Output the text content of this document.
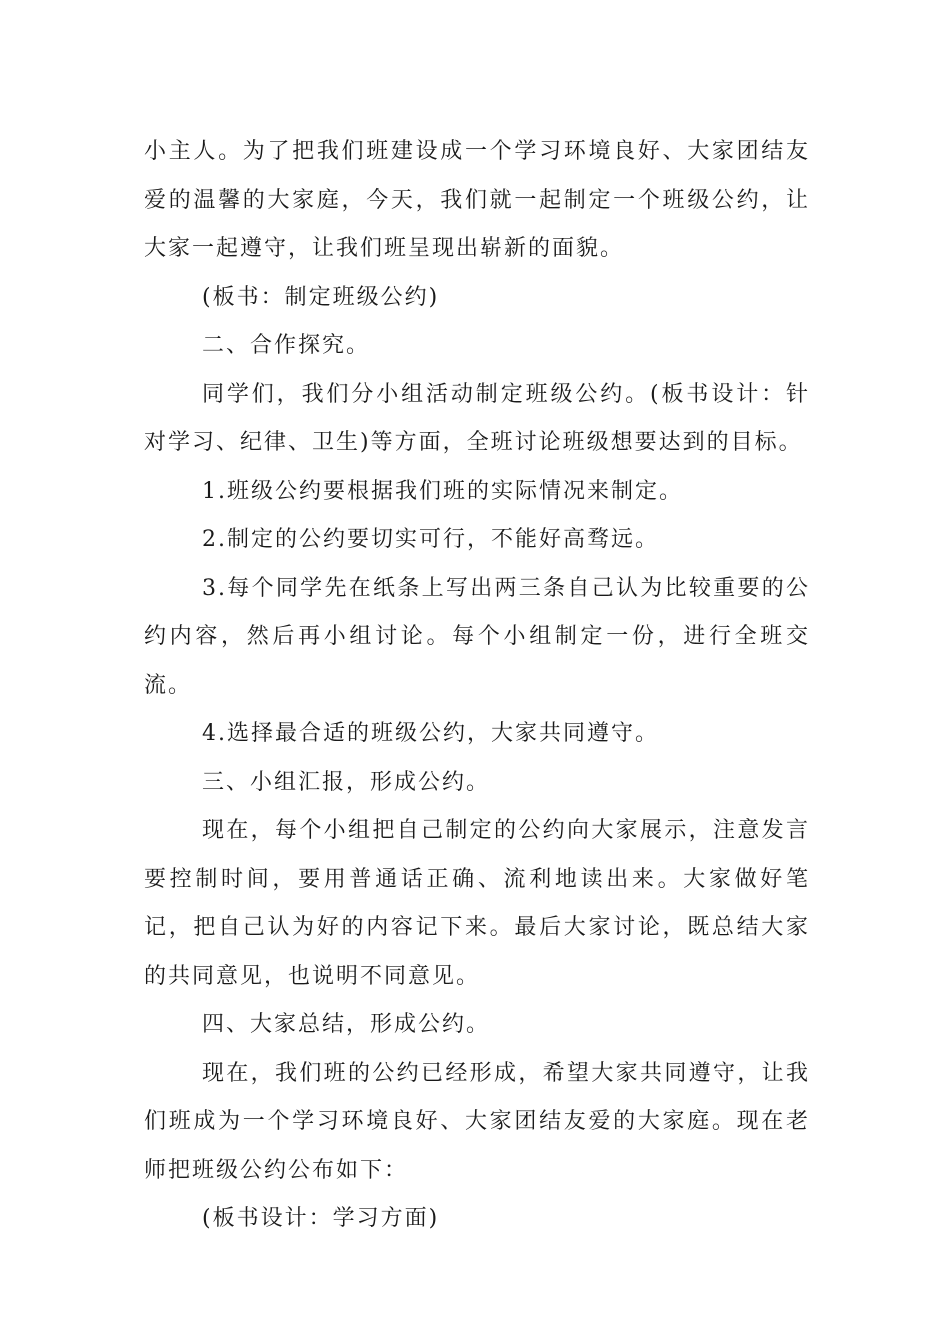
小主人。为了把我们班建设成一个学习环境良好、大家团结友爱的温馨的大家庭，今天，我们就一起制定一个班级公约，让大家一起遵守，让我们班呈现出崭新的面貌。

(板书：制定班级公约)

二、合作探究。

同学们，我们分小组活动制定班级公约。(板书设计：针对学习、纪律、卫生)等方面，全班讨论班级想要达到的目标。

1.班级公约要根据我们班的实际情况来制定。

2.制定的公约要切实可行，不能好高骛远。

3.每个同学先在纸条上写出两三条自己认为比较重要的公约内容，然后再小组讨论。每个小组制定一份，进行全班交流。

4.选择最合适的班级公约，大家共同遵守。

三、小组汇报，形成公约。

现在，每个小组把自己制定的公约向大家展示，注意发言要控制时间，要用普通话正确、流利地读出来。大家做好笔记，把自己认为好的内容记下来。最后大家讨论，既总结大家的共同意见，也说明不同意见。

四、大家总结，形成公约。

现在，我们班的公约已经形成，希望大家共同遵守，让我们班成为一个学习环境良好、大家团结友爱的大家庭。现在老师把班级公约公布如下：

(板书设计：学习方面)
